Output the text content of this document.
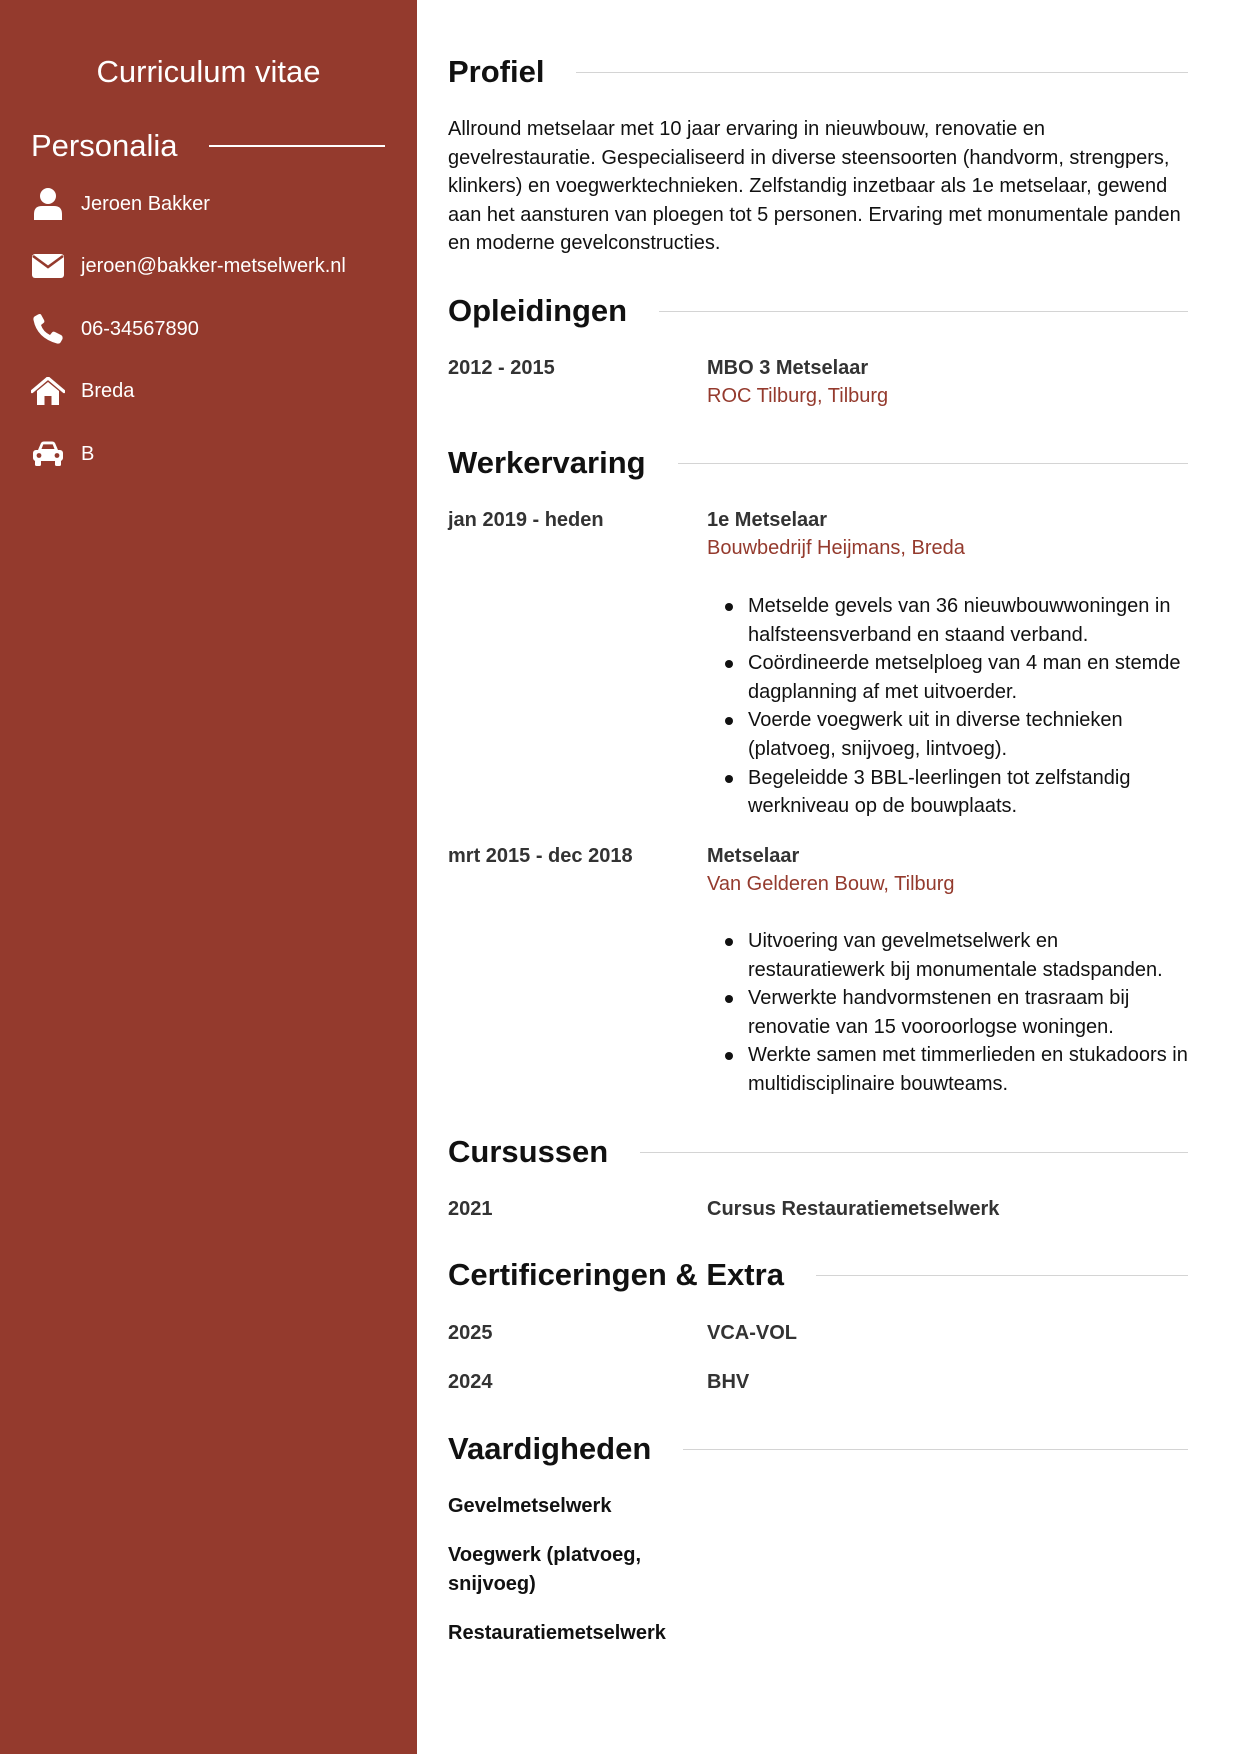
Curriculum vitae
Personalia
Jeroen Bakker
jeroen@bakker-metselwerk.nl
06-34567890
Breda
B
Profiel
Allround metselaar met 10 jaar ervaring in nieuwbouw, renovatie en gevelrestauratie. Gespecialiseerd in diverse steensoorten (handvorm, strengpers, klinkers) en voegwerktechnieken. Zelfstandig inzetbaar als 1e metselaar, gewend aan het aansturen van ploegen tot 5 personen. Ervaring met monumentale panden en moderne gevelconstructies.
Opleidingen
2012 - 2015	MBO 3 Metselaar
ROC Tilburg, Tilburg
Werkervaring
jan 2019 - heden	1e Metselaar
Bouwbedrijf Heijmans, Breda
Metselde gevels van 36 nieuwbouwwoningen in halfsteensverband en staand verband.
Coördineerde metselploeg van 4 man en stemde dagplanning af met uitvoerder.
Voerde voegwerk uit in diverse technieken (platvoeg, snijvoeg, lintvoeg).
Begeleidde 3 BBL-leerlingen tot zelfstandig werkniveau op de bouwplaats.
mrt 2015 - dec 2018	Metselaar
Van Gelderen Bouw, Tilburg
Uitvoering van gevelmetselwerk en restauratiewerk bij monumentale stadspanden.
Verwerkte handvormstenen en trasraam bij renovatie van 15 vooroorlogse woningen.
Werkte samen met timmerlieden en stukadoors in multidisciplinaire bouwteams.
Cursussen
2021	Cursus Restauratiemetselwerk
Certificeringen & Extra
2025	VCA-VOL
2024	BHV
Vaardigheden
Gevelmetselwerk
Voegwerk (platvoeg, snijvoeg)
Restauratiemetselwerk
